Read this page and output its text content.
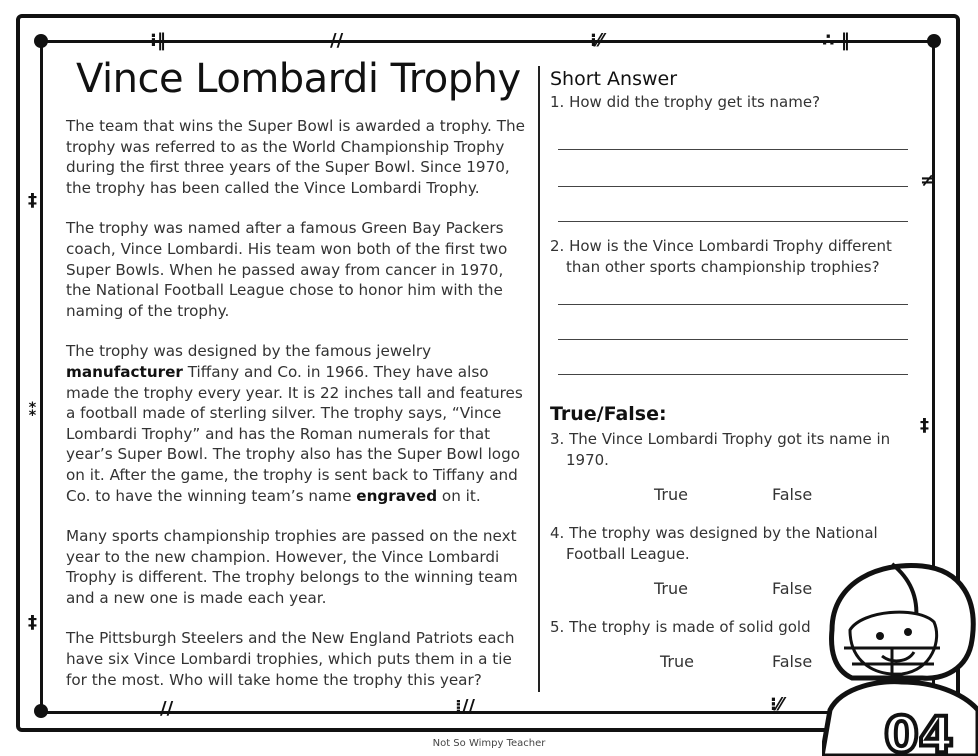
⁝‖	//	⁝⁄⁄	∴ ‖
‡
≠
⁑
‡
‡
//	⁞//	⁝⁄⁄
Vince Lombardi Trophy

The team that wins the Super Bowl is awarded a trophy. The trophy was referred to as the World Championship Trophy during the first three years of the Super Bowl. Since 1970, the trophy has been called the Vince Lombardi Trophy.

The trophy was named after a famous Green Bay Packers coach, Vince Lombardi. His team won both of the first two Super Bowls. When he passed away from cancer in 1970, the National Football League chose to honor him with the naming of the trophy.

The trophy was designed by the famous jewelry manufacturer Tiffany and Co. in 1966. They have also made the trophy every year. It is 22 inches tall and features a football made of sterling silver. The trophy says, “Vince Lombardi Trophy” and has the Roman numerals for that year’s Super Bowl. The trophy also has the Super Bowl logo on it. After the game, the trophy is sent back to Tiffany and Co. to have the winning team’s name engraved on it.

Many sports championship trophies are passed on the next year to the new champion. However, the Vince Lombardi Trophy is different. The trophy belongs to the winning team and a new one is made each year.

The Pittsburgh Steelers and the New England Patriots each have six Vince Lombardi trophies, which puts them in a tie for the most. Who will take home the trophy this year?

Short Answer

1. How did the trophy get its name?

2. How is the Vince Lombardi Trophy different than other sports championship trophies?

True/False:

3. The Vince Lombardi Trophy got its name in 1970.

True	False

4. The trophy was designed by the National Football League.

True	False

5. The trophy is made of solid gold

True	False
04
Not So Wimpy Teacher
